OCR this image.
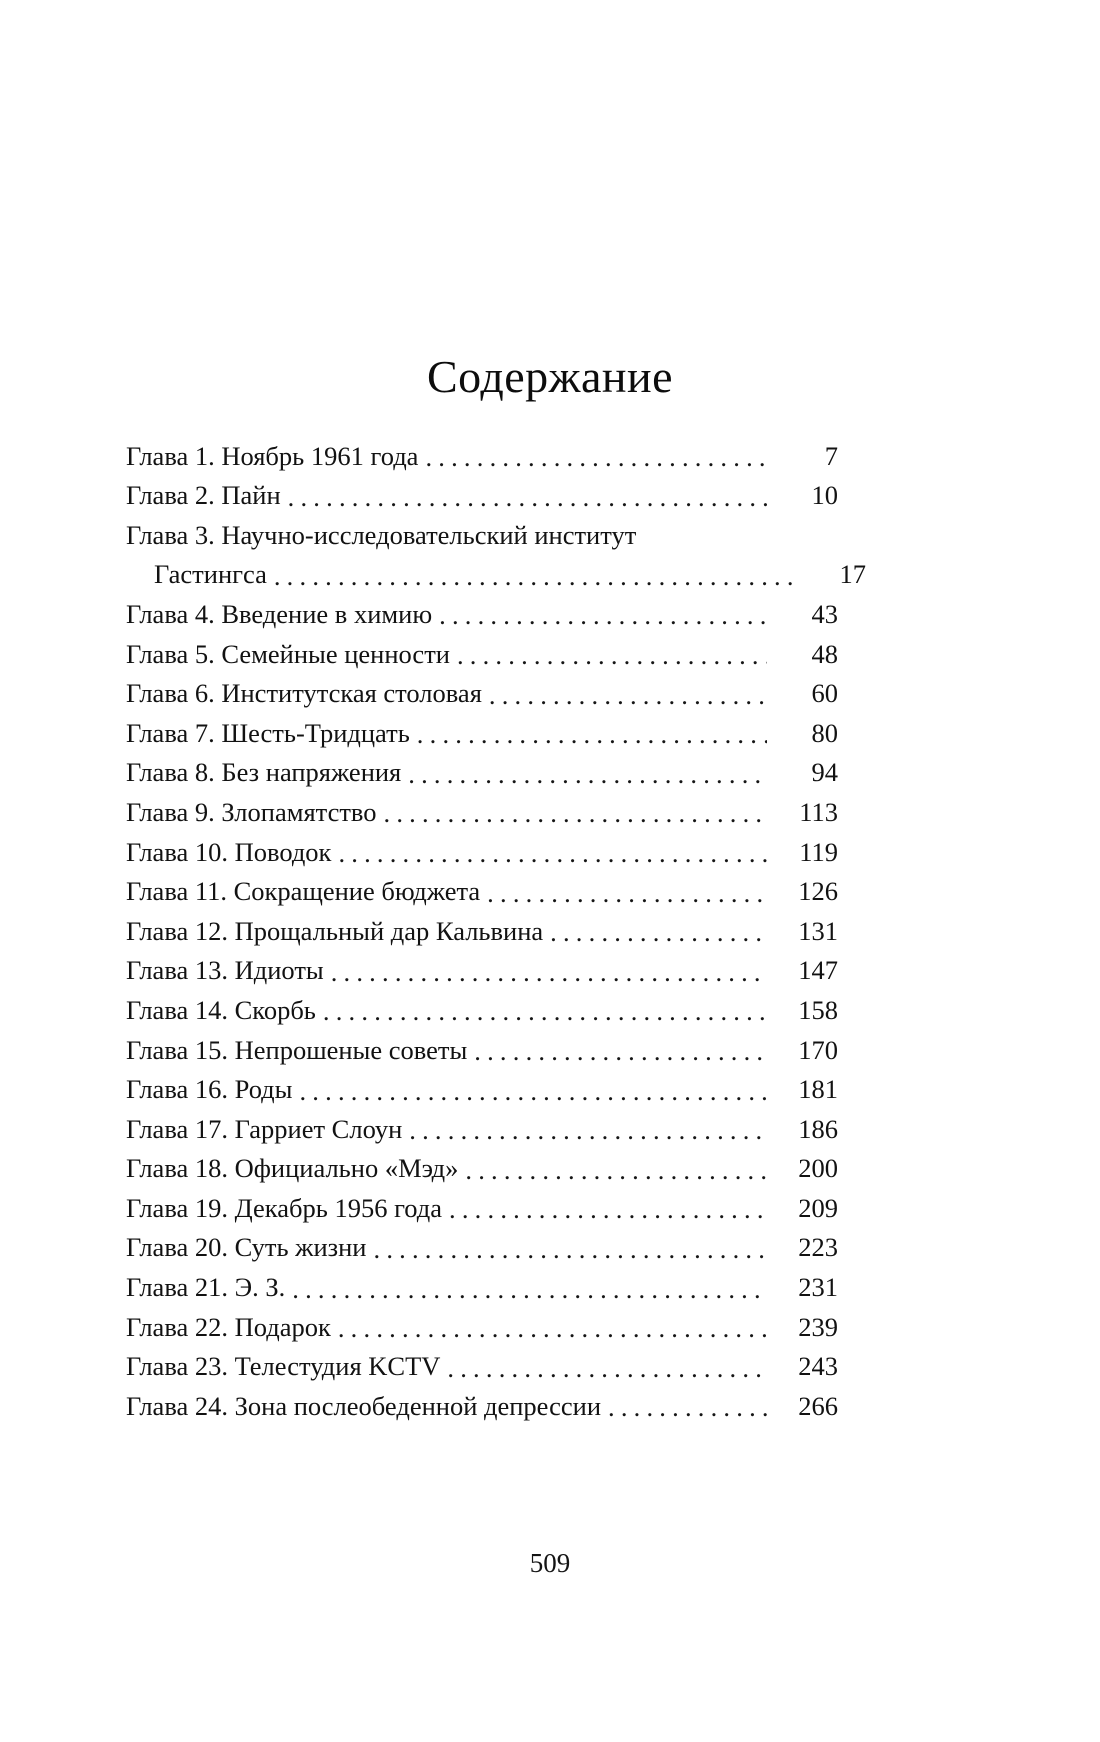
Содержание
Глава 1. Ноябрь 1961 года .....	7
Глава 2. Пайн .....	10
Глава 3. Научно-исследовательский институт
Гастингса .....	17
Глава 4. Введение в химию .....	43
Глава 5. Семейные ценности .....	48
Глава 6. Институтская столовая .....	60
Глава 7. Шесть-Тридцать .....	80
Глава 8. Без напряжения .....	94
Глава 9. Злопамятство .....	113
Глава 10. Поводок .....	119
Глава 11. Сокращение бюджета .....	126
Глава 12. Прощальный дар Кальвина .....	131
Глава 13. Идиоты .....	147
Глава 14. Скорбь .....	158
Глава 15. Непрошеные советы .....	170
Глава 16. Роды .....	181
Глава 17. Гарриет Слоун .....	186
Глава 18. Официально «Мэд» .....	200
Глава 19. Декабрь 1956 года .....	209
Глава 20. Суть жизни .....	223
Глава 21. Э. З. .....	231
Глава 22. Подарок .....	239
Глава 23. Телестудия KCTV .....	243
Глава 24. Зона послеобеденной депрессии .....	266
509
